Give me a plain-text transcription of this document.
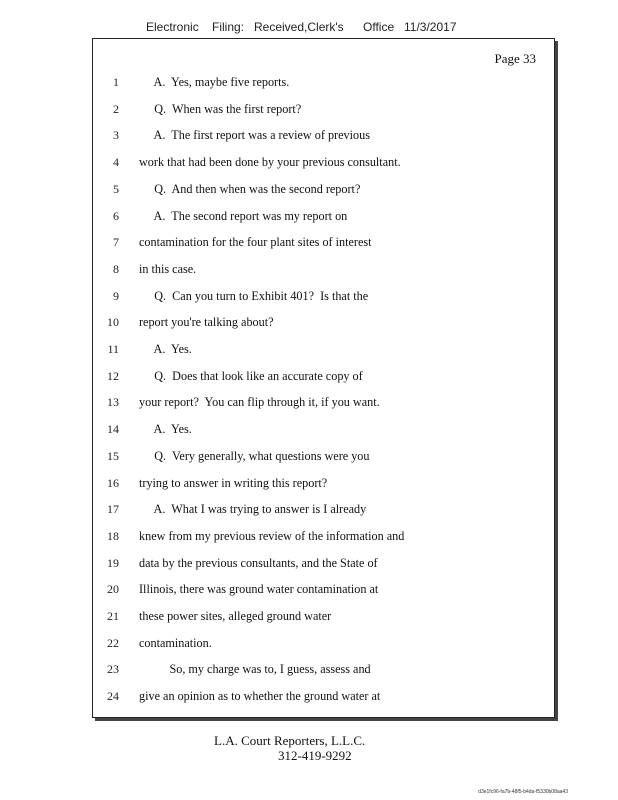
Electronic Filing: Received,Clerk's Office 11/3/2017
Page 33
1 A.  Yes, maybe five reports.
2 Q.  When was the first report?
3 A.  The first report was a review of previous
4 work that had been done by your previous consultant.
5 Q.  And then when was the second report?
6 A.  The second report was my report on
7 contamination for the four plant sites of interest
8 in this case.
9 Q.  Can you turn to Exhibit 401?  Is that the
10 report you're talking about?
11 A.  Yes.
12 Q.  Does that look like an accurate copy of
13 your report?  You can flip through it, if you want.
14 A.  Yes.
15 Q.  Very generally, what questions were you
16 trying to answer in writing this report?
17 A.  What I was trying to answer is I already
18 knew from my previous review of the information and
19 data by the previous consultants, and the State of
20 Illinois, there was ground water contamination at
21 these power sites, alleged ground water
22 contamination.
23 So, my charge was to, I guess, assess and
24 give an opinion as to whether the ground water at
L.A. Court Reporters, L.L.C.
312-419-9292
d3e1fc96-fa7b-48f5-b4da-f5330b08aa43
